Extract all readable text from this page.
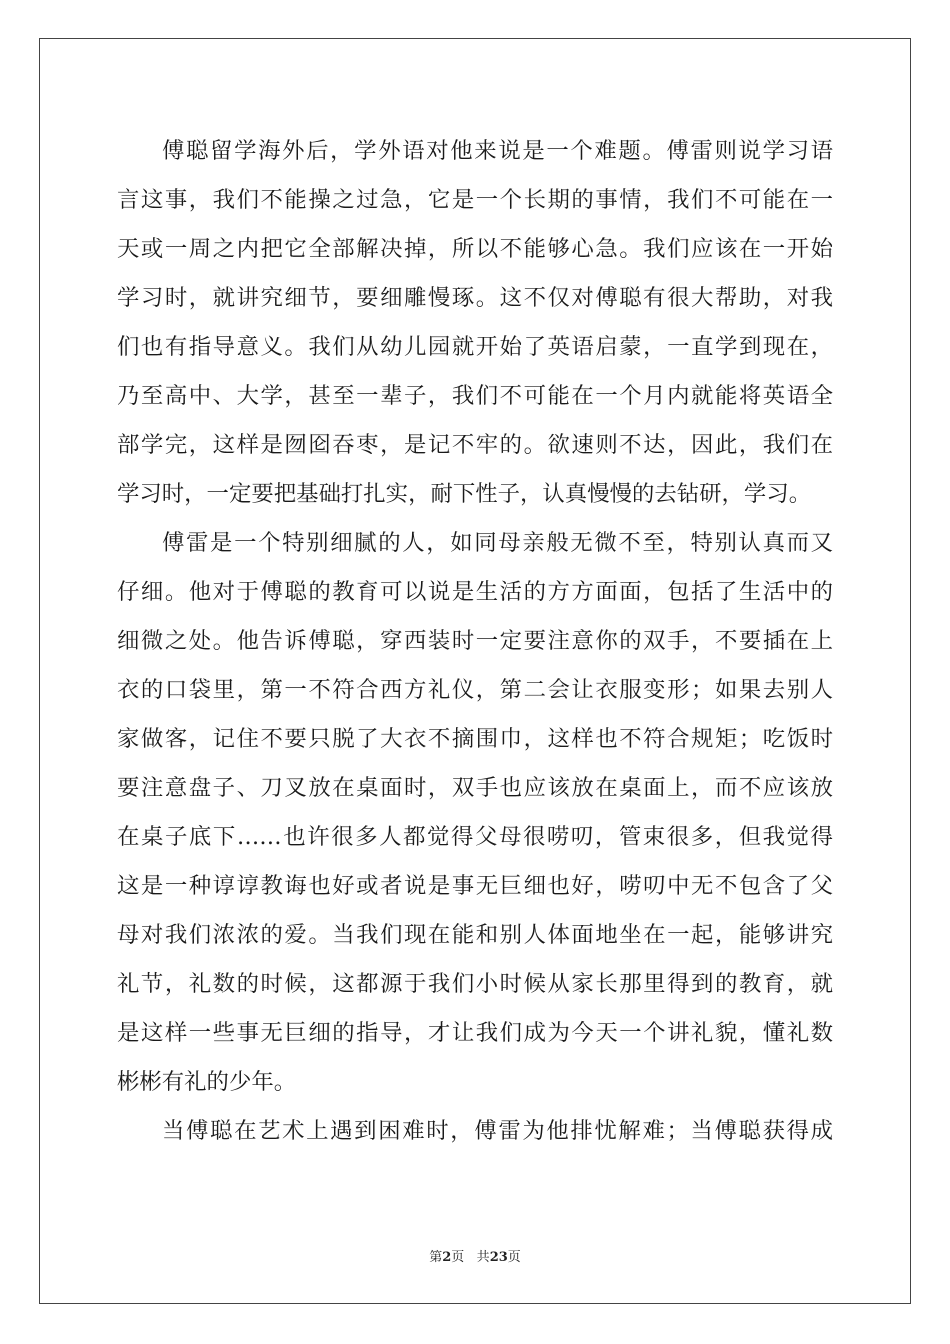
傅聪留学海外后，学外语对他来说是一个难题。傅雷则说学习语
言这事，我们不能操之过急，它是一个长期的事情，我们不可能在一
天或一周之内把它全部解决掉，所以不能够心急。我们应该在一开始
学习时，就讲究细节，要细雕慢琢。这不仅对傅聪有很大帮助，对我
们也有指导意义。我们从幼儿园就开始了英语启蒙，一直学到现在，
乃至高中、大学，甚至一辈子，我们不可能在一个月内就能将英语全
部学完，这样是囫囵吞枣，是记不牢的。欲速则不达，因此，我们在
学习时，一定要把基础打扎实，耐下性子，认真慢慢的去钻研，学习。
傅雷是一个特别细腻的人，如同母亲般无微不至，特别认真而又
仔细。他对于傅聪的教育可以说是生活的方方面面，包括了生活中的
细微之处。他告诉傅聪，穿西装时一定要注意你的双手，不要插在上
衣的口袋里，第一不符合西方礼仪，第二会让衣服变形；如果去别人
家做客，记住不要只脱了大衣不摘围巾，这样也不符合规矩；吃饭时
要注意盘子、刀叉放在桌面时，双手也应该放在桌面上，而不应该放
在桌子底下……也许很多人都觉得父母很唠叨，管束很多，但我觉得
这是一种谆谆教诲也好或者说是事无巨细也好，唠叨中无不包含了父
母对我们浓浓的爱。当我们现在能和别人体面地坐在一起，能够讲究
礼节，礼数的时候，这都源于我们小时候从家长那里得到的教育，就
是这样一些事无巨细的指导，才让我们成为今天一个讲礼貌，懂礼数
彬彬有礼的少年。
当傅聪在艺术上遇到困难时，傅雷为他排忧解难；当傅聪获得成
第2页 共23页
